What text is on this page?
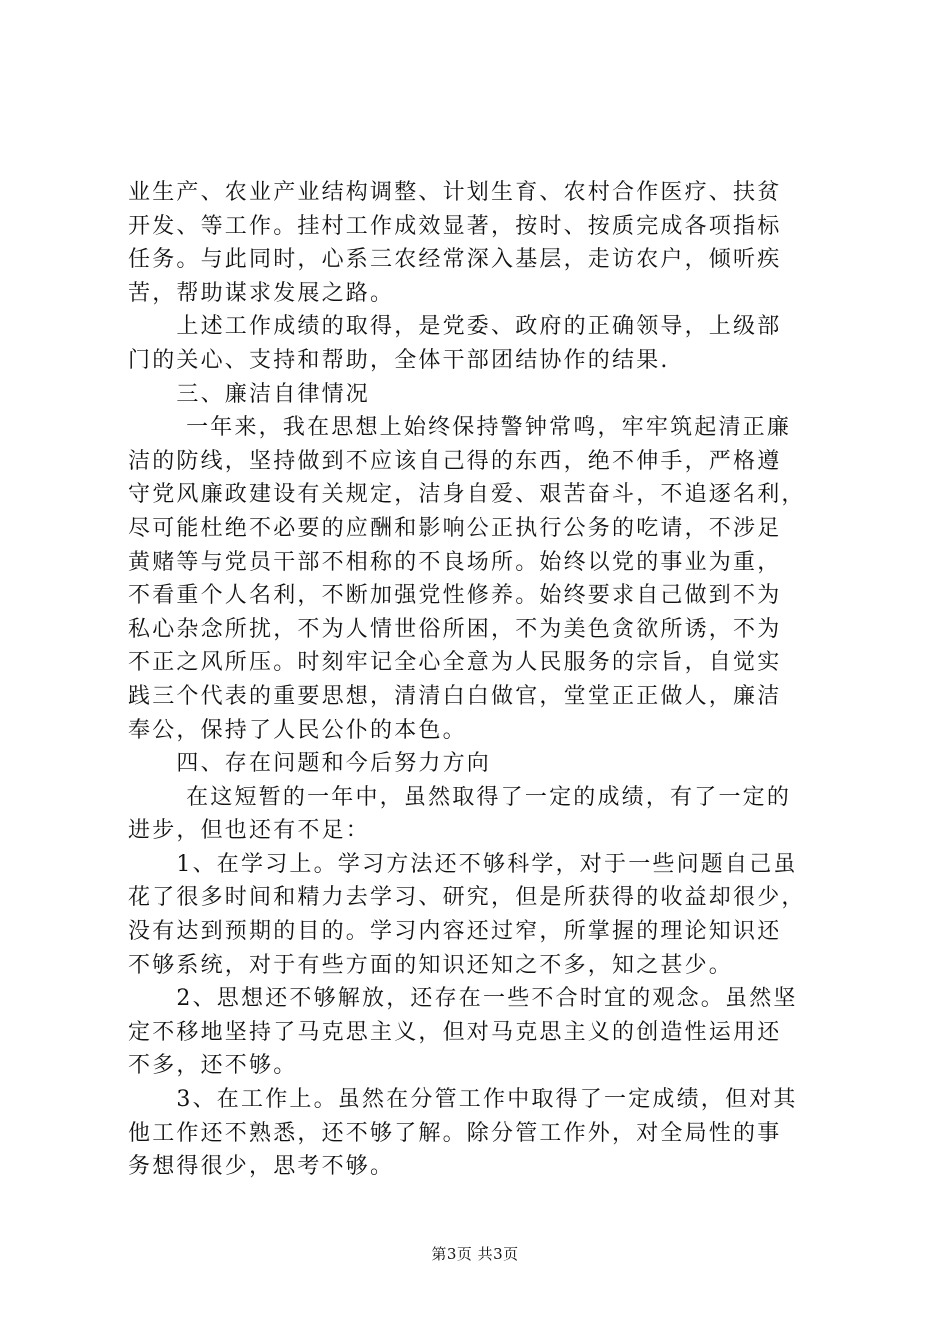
业生产、农业产业结构调整、计划生育、农村合作医疗、扶贫
开发、等工作。挂村工作成效显著，按时、按质完成各项指标
任务。与此同时，心系三农经常深入基层，走访农户，倾听疾
苦，帮助谋求发展之路。
上述工作成绩的取得，是党委、政府的正确领导，上级部
门的关心、支持和帮助，全体干部团结协作的结果.
三、廉洁自律情况
一年来，我在思想上始终保持警钟常鸣，牢牢筑起清正廉
洁的防线，坚持做到不应该自己得的东西，绝不伸手，严格遵
守党风廉政建设有关规定，洁身自爱、艰苦奋斗，不追逐名利，
尽可能杜绝不必要的应酬和影响公正执行公务的吃请，不涉足
黄赌等与党员干部不相称的不良场所。始终以党的事业为重，
不看重个人名利，不断加强党性修养。始终要求自己做到不为
私心杂念所扰，不为人情世俗所困，不为美色贪欲所诱，不为
不正之风所压。时刻牢记全心全意为人民服务的宗旨，自觉实
践三个代表的重要思想，清清白白做官，堂堂正正做人，廉洁
奉公，保持了人民公仆的本色。
四、存在问题和今后努力方向
在这短暂的一年中，虽然取得了一定的成绩，有了一定的
进步，但也还有不足：
1、在学习上。学习方法还不够科学，对于一些问题自己虽
花了很多时间和精力去学习、研究，但是所获得的收益却很少，
没有达到预期的目的。学习内容还过窄，所掌握的理论知识还
不够系统，对于有些方面的知识还知之不多，知之甚少。
2、思想还不够解放，还存在一些不合时宜的观念。虽然坚
定不移地坚持了马克思主义，但对马克思主义的创造性运用还
不多，还不够。
3、在工作上。虽然在分管工作中取得了一定成绩，但对其
他工作还不熟悉，还不够了解。除分管工作外，对全局性的事
务想得很少，思考不够。
第3页 共3页
